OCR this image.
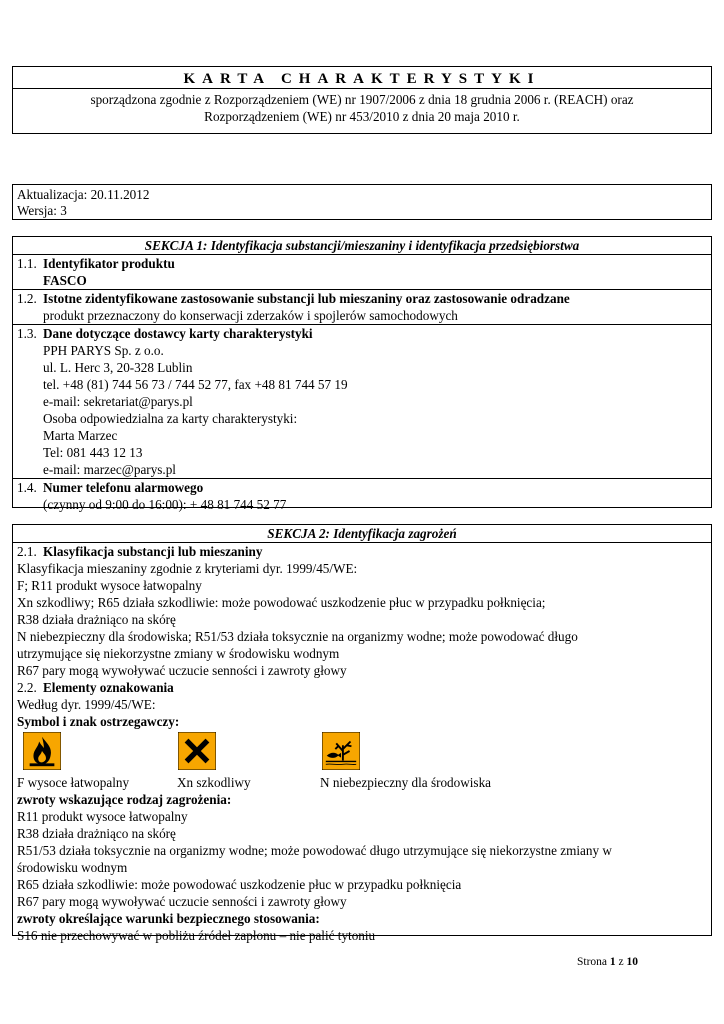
KARTA CHARAKTERYSTYKI
sporządzona zgodnie z Rozporządzeniem (WE) nr 1907/2006 z dnia 18 grudnia 2006 r. (REACH) oraz
Rozporządzeniem (WE) nr 453/2010 z dnia 20 maja 2010 r.
Aktualizacja: 20.11.2012
Wersja: 3
SEKCJA 1: Identyfikacja substancji/mieszaniny i identyfikacja przedsiębiorstwa
1.1. Identyfikator produktu
FASCO
1.2. Istotne zidentyfikowane zastosowanie substancji lub mieszaniny oraz zastosowanie odradzane
produkt przeznaczony do konserwacji zderzaków i spojlerów samochodowych
1.3. Dane dotyczące dostawcy karty charakterystyki
PPH PARYS Sp. z o.o.
ul. L. Herc 3, 20-328 Lublin
tel. +48 (81) 744 56 73 / 744 52 77, fax +48 81 744 57 19
e-mail: sekretariat@parys.pl
Osoba odpowiedzialna za karty charakterystyki:
Marta Marzec
Tel: 081 443 12 13
e-mail: marzec@parys.pl
1.4. Numer telefonu alarmowego
(czynny od 9:00 do 16:00): + 48 81 744 52 77
SEKCJA 2: Identyfikacja zagrożeń
2.1. Klasyfikacja substancji lub mieszaniny
Klasyfikacja mieszaniny zgodnie z kryteriami dyr. 1999/45/WE:
F; R11 produkt wysoce łatwopalny
Xn szkodliwy; R65 działa szkodliwie: może powodować uszkodzenie płuc w przypadku połknięcia;
R38 działa drażniąco na skórę
N niebezpieczny dla środowiska; R51/53 działa toksycznie na organizmy wodne; może powodować długo
utrzymujące się niekorzystne zmiany w środowisku wodnym
R67 pary mogą wywoływać uczucie senności i zawroty głowy
2.2. Elementy oznakowania
Według dyr. 1999/45/WE:
Symbol i znak ostrzegawczy:
F wysoce łatwopalny	Xn szkodliwy	N niebezpieczny dla środowiska
zwroty wskazujące rodzaj zagrożenia:
R11 produkt wysoce łatwopalny
R38 działa drażniąco na skórę
R51/53 działa toksycznie na organizmy wodne; może powodować długo utrzymujące się niekorzystne zmiany w
środowisku wodnym
R65 działa szkodliwie: może powodować uszkodzenie płuc w przypadku połknięcia
R67 pary mogą wywoływać uczucie senności i zawroty głowy
zwroty określające warunki bezpiecznego stosowania:
S16 nie przechowywać w pobliżu źródeł zapłonu – nie palić tytoniu
Strona 1 z 10
